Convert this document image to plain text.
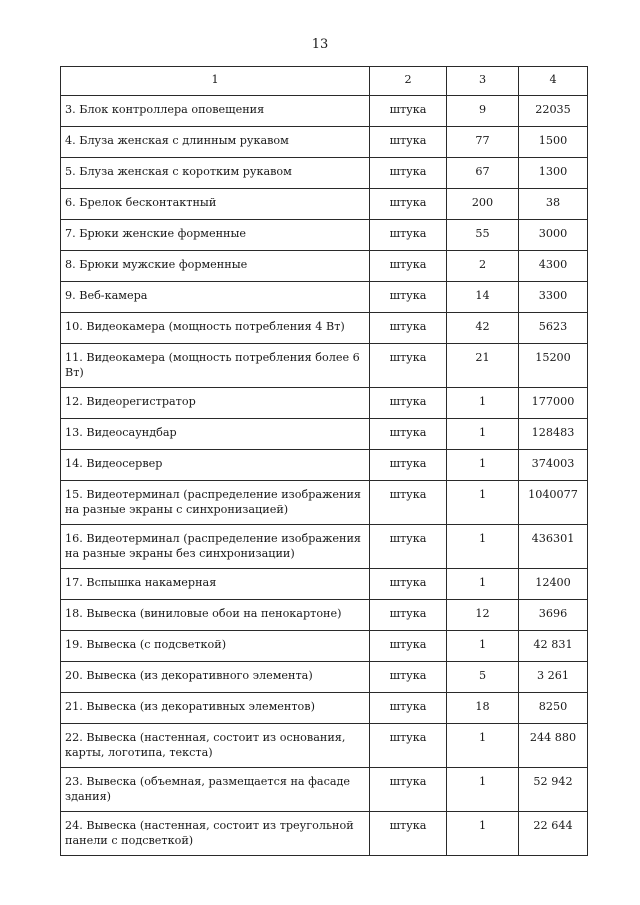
13
1	2	3	4
3. Блок контроллера оповещения	штука	9	22035
4. Блуза женская с длинным рукавом	штука	77	1500
5. Блуза женская с коротким рукавом	штука	67	1300
6. Брелок бесконтактный	штука	200	38
7. Брюки женские форменные	штука	55	3000
8. Брюки мужские форменные	штука	2	4300
9. Веб-камера	штука	14	3300
10. Видеокамера (мощность потребления 4 Вт)	штука	42	5623
11. Видеокамера (мощность потребления более 6 Вт)	штука	21	15200
12. Видеорегистратор	штука	1	177000
13. Видеосаундбар	штука	1	128483
14. Видеосервер	штука	1	374003
15. Видеотерминал (распределение изображения на разные экраны с синхронизацией)	штука	1	1040077
16. Видеотерминал (распределение изображения на разные экраны без синхронизации)	штука	1	436301
17. Вспышка накамерная	штука	1	12400
18. Вывеска (виниловые обои на пенокартоне)	штука	12	3696
19. Вывеска (с подсветкой)	штука	1	42 831
20. Вывеска (из декоративного элемента)	штука	5	3 261
21. Вывеска (из декоративных элементов)	штука	18	8250
22. Вывеска (настенная, состоит из основания, карты, логотипа, текста)	штука	1	244 880
23. Вывеска (объемная, размещается на фасаде здания)	штука	1	52 942
24. Вывеска (настенная, состоит из треугольной панели с подсветкой)	штука	1	22 644
